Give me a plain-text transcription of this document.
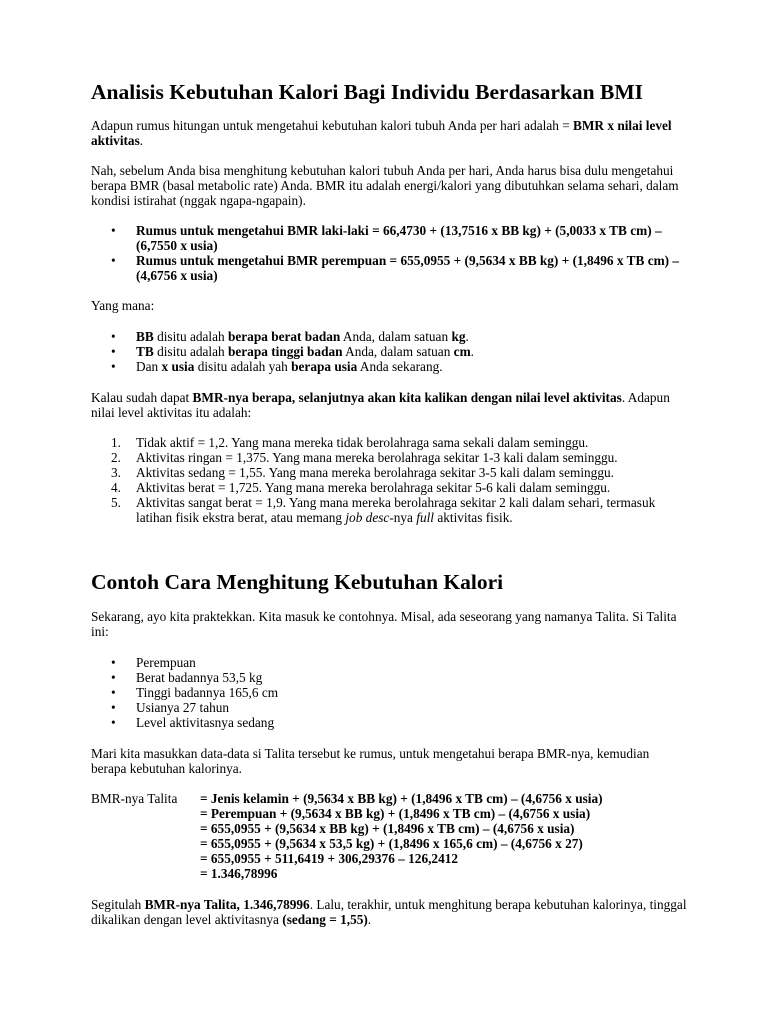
Analisis Kebutuhan Kalori Bagi Individu Berdasarkan BMI

Adapun rumus hitungan untuk mengetahui kebutuhan kalori tubuh Anda per hari adalah = BMR x nilai level aktivitas.

Nah, sebelum Anda bisa menghitung kebutuhan kalori tubuh Anda per hari, Anda harus bisa dulu mengetahui berapa BMR (basal metabolic rate) Anda. BMR itu adalah energi/kalori yang dibutuhkan selama sehari, dalam kondisi istirahat (nggak ngapa-ngapain).

• Rumus untuk mengetahui BMR laki-laki = 66,4730 + (13,7516 x BB kg) + (5,0033 x TB cm) – (6,7550 x usia)
• Rumus untuk mengetahui BMR perempuan = 655,0955 + (9,5634 x BB kg) + (1,8496 x TB cm) – (4,6756 x usia)

Yang mana:

• BB disitu adalah berapa berat badan Anda, dalam satuan kg.
• TB disitu adalah berapa tinggi badan Anda, dalam satuan cm.
• Dan x usia disitu adalah yah berapa usia Anda sekarang.

Kalau sudah dapat BMR-nya berapa, selanjutnya akan kita kalikan dengan nilai level aktivitas. Adapun nilai level aktivitas itu adalah:

1. Tidak aktif = 1,2. Yang mana mereka tidak berolahraga sama sekali dalam seminggu.
2. Aktivitas ringan = 1,375. Yang mana mereka berolahraga sekitar 1-3 kali dalam seminggu.
3. Aktivitas sedang = 1,55. Yang mana mereka berolahraga sekitar 3-5 kali dalam seminggu.
4. Aktivitas berat = 1,725. Yang mana mereka berolahraga sekitar 5-6 kali dalam seminggu.
5. Aktivitas sangat berat = 1,9. Yang mana mereka berolahraga sekitar 2 kali dalam sehari, termasuk latihan fisik ekstra berat, atau memang job desc-nya full aktivitas fisik.
Contoh Cara Menghitung Kebutuhan Kalori

Sekarang, ayo kita praktekkan. Kita masuk ke contohnya. Misal, ada seseorang yang namanya Talita. Si Talita ini:

• Perempuan
• Berat badannya 53,5 kg
• Tinggi badannya 165,6 cm
• Usianya 27 tahun
• Level aktivitasnya sedang

Mari kita masukkan data-data si Talita tersebut ke rumus, untuk mengetahui berapa BMR-nya, kemudian berapa kebutuhan kalorinya.

BMR-nya Talita = Jenis kelamin + (9,5634 x BB kg) + (1,8496 x TB cm) – (4,6756 x usia)
= Perempuan + (9,5634 x BB kg) + (1,8496 x TB cm) – (4,6756 x usia)
= 655,0955 + (9,5634 x BB kg) + (1,8496 x TB cm) – (4,6756 x usia)
= 655,0955 + (9,5634 x 53,5 kg) + (1,8496 x 165,6 cm) – (4,6756 x 27)
= 655,0955 + 511,6419 + 306,29376 – 126,2412
= 1.346,78996

Segitulah BMR-nya Talita, 1.346,78996. Lalu, terakhir, untuk menghitung berapa kebutuhan kalorinya, tinggal dikalikan dengan level aktivitasnya (sedang = 1,55).
